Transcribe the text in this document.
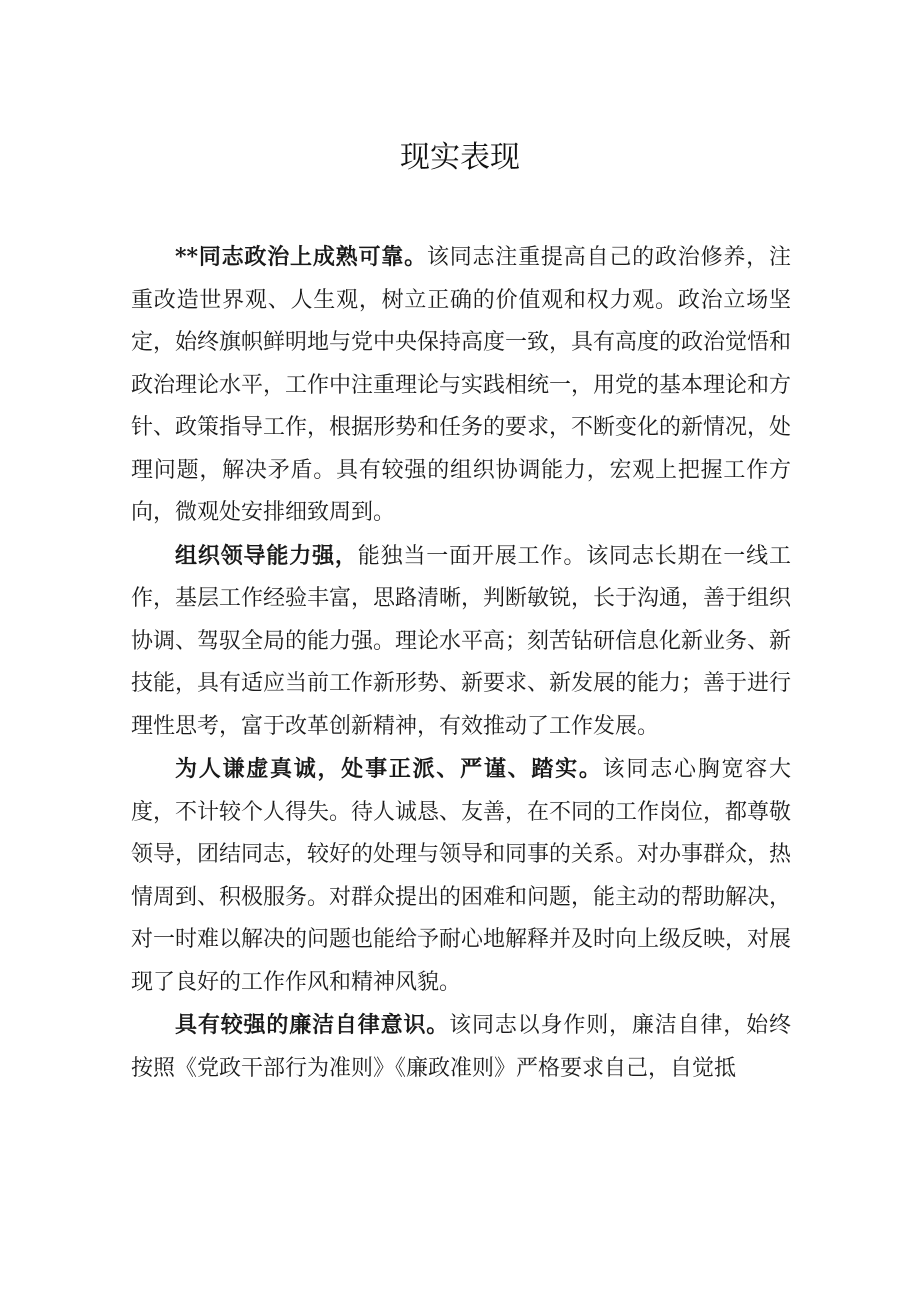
现实表现

**同志政治上成熟可靠。该同志注重提高自己的政治修养，注重改造世界观、人生观，树立正确的价值观和权力观。政治立场坚定，始终旗帜鲜明地与党中央保持高度一致，具有高度的政治觉悟和政治理论水平，工作中注重理论与实践相统一，用党的基本理论和方针、政策指导工作，根据形势和任务的要求，不断变化的新情况，处理问题，解决矛盾。具有较强的组织协调能力，宏观上把握工作方向，微观处安排细致周到。

组织领导能力强，能独当一面开展工作。该同志长期在一线工作，基层工作经验丰富，思路清晰，判断敏锐，长于沟通，善于组织协调、驾驭全局的能力强。理论水平高；刻苦钻研信息化新业务、新技能，具有适应当前工作新形势、新要求、新发展的能力；善于进行理性思考，富于改革创新精神，有效推动了工作发展。

为人谦虚真诚，处事正派、严谨、踏实。该同志心胸宽容大度，不计较个人得失。待人诚恳、友善，在不同的工作岗位，都尊敬领导，团结同志，较好的处理与领导和同事的关系。对办事群众，热情周到、积极服务。对群众提出的困难和问题，能主动的帮助解决，对一时难以解决的问题也能给予耐心地解释并及时向上级反映，对展现了良好的工作作风和精神风貌。

具有较强的廉洁自律意识。该同志以身作则，廉洁自律，始终按照《党政干部行为准则》《廉政准则》严格要求自己，自觉抵
